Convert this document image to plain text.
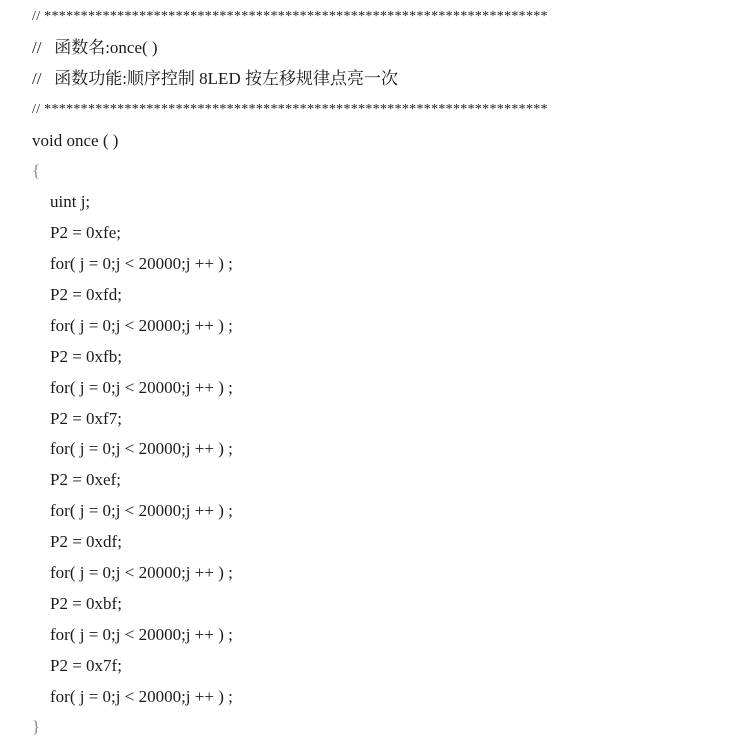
// *********************************************************************
//   函数名:once( )
//   函数功能:顺序控制 8LED 按左移规律点亮一次
// *********************************************************************
void once ( )
{
uint j;
P2 = 0xfe;
for( j = 0;j < 20000;j ++ ) ;
P2 = 0xfd;
for( j = 0;j < 20000;j ++ ) ;
P2 = 0xfb;
for( j = 0;j < 20000;j ++ ) ;
P2 = 0xf7;
for( j = 0;j < 20000;j ++ ) ;
P2 = 0xef;
for( j = 0;j < 20000;j ++ ) ;
P2 = 0xdf;
for( j = 0;j < 20000;j ++ ) ;
P2 = 0xbf;
for( j = 0;j < 20000;j ++ ) ;
P2 = 0x7f;
for( j = 0;j < 20000;j ++ ) ;
}
